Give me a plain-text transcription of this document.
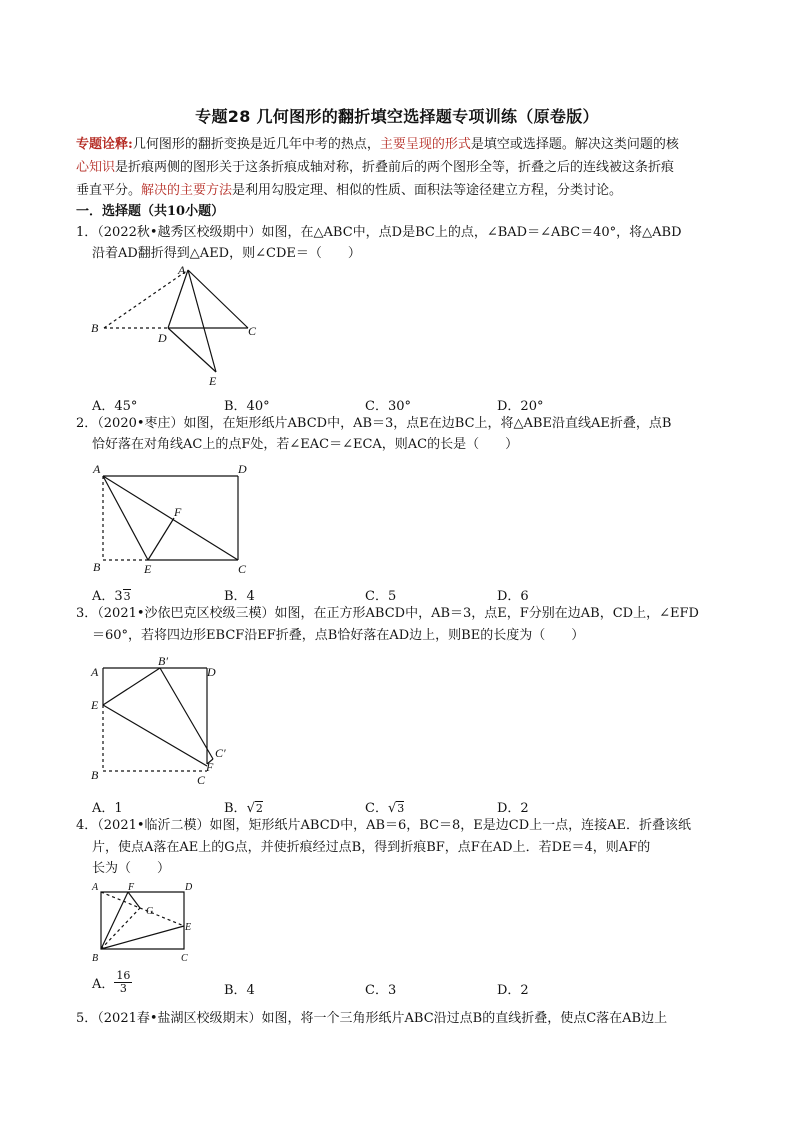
专题28 几何图形的翻折填空选择题专项训练（原卷版）
专题诠释:几何图形的翻折变换是近几年中考的热点，主要呈现的形式是填空或选择题。解决这类问题的核
心知识是折痕两侧的图形关于这条折痕成轴对称，折叠前后的两个图形全等，折叠之后的连线被这条折痕
垂直平分。解决的主要方法是利用勾股定理、相似的性质、面积法等途径建立方程，分类讨论。
一．选择题（共10小题）
1．（2022秋•越秀区校级期中）如图，在△ABC中，点D是BC上的点，∠BAD＝∠ABC＝40°，将△ABD
沿着AD翻折得到△AED，则∠CDE＝（　　）
A
B
D	C
E
A．45°	B．40°	C．30°	D．20°
2．（2020•枣庄）如图，在矩形纸片ABCD中，AB＝3，点E在边BC上，将△ABE沿直线AE折叠，点B
恰好落在对角线AC上的点F处，若∠EAC＝∠ECA，则AC的长是（　　）
A	D
F
B	E	C
A．33	B．4	C．5	D．6
3．（2021•沙依巴克区校级三模）如图，在正方形ABCD中，AB＝3，点E，F分别在边AB，CD上，∠EFD
＝60°，若将四边形EBCF沿EF折叠，点B恰好落在AD边上，则BE的长度为（　　）
A
B′
D
E
C′
F
B	C
A．1	B．√2	C．√3	D．2
4．（2021•临沂二模）如图，矩形纸片ABCD中，AB＝6，BC＝8，E是边CD上一点，连接AE．折叠该纸
片，使点A落在AE上的G点，并使折痕经过点B，得到折痕BF，点F在AD上．若DE＝4，则AF的
长为（　　）
A	F	D
G
E
B	C
A． $\frac{16}{3}$	B．4	C．3	D．2
5．（2021春•盐湖区校级期末）如图，将一个三角形纸片ABC沿过点B的直线折叠，使点C落在AB边上
